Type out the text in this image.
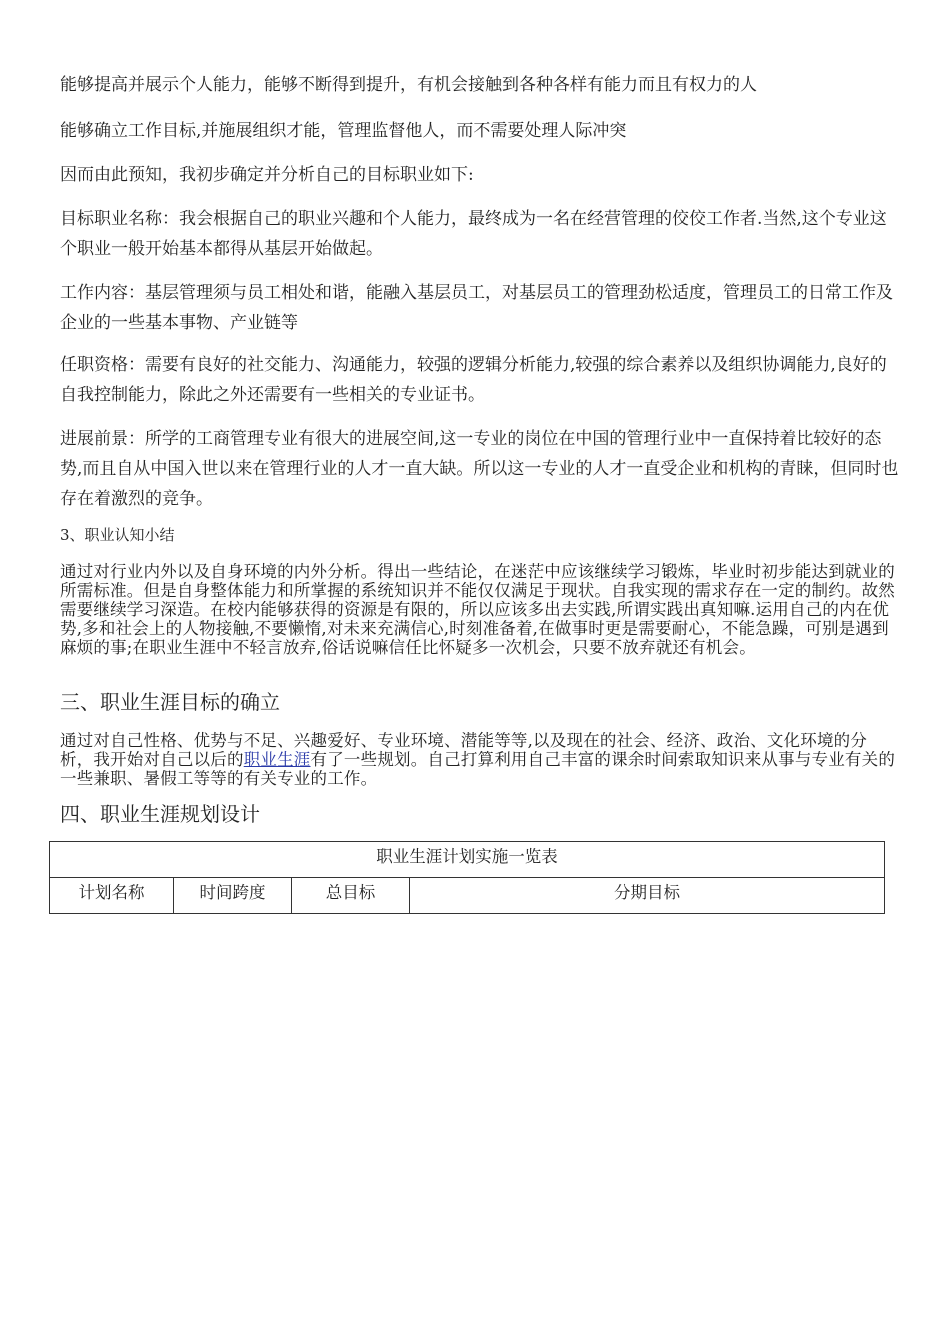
能够提高并展示个人能力，能够不断得到提升，有机会接触到各种各样有能力而且有权力的人

能够确立工作目标,并施展组织才能，管理监督他人，而不需要处理人际冲突

因而由此预知，我初步确定并分析自己的目标职业如下:

目标职业名称：我会根据自己的职业兴趣和个人能力，最终成为一名在经营管理的佼佼工作者.当然,这个专业这个职业一般开始基本都得从基层开始做起。

工作内容：基层管理须与员工相处和谐，能融入基层员工，对基层员工的管理劲松适度，管理员工的日常工作及企业的一些基本事物、产业链等

任职资格：需要有良好的社交能力、沟通能力，较强的逻辑分析能力,较强的综合素养以及组织协调能力,良好的自我控制能力，除此之外还需要有一些相关的专业证书。

进展前景：所学的工商管理专业有很大的进展空间,这一专业的岗位在中国的管理行业中一直保持着比较好的态势,而且自从中国入世以来在管理行业的人才一直大缺。所以这一专业的人才一直受企业和机构的青睐，但同时也存在着激烈的竞争。

3、职业认知小结

通过对行业内外以及自身环境的内外分析。得出一些结论，在迷茫中应该继续学习锻炼，毕业时初步能达到就业的所需标准。但是自身整体能力和所掌握的系统知识并不能仅仅满足于现状。自我实现的需求存在一定的制约。故然需要继续学习深造。在校内能够获得的资源是有限的，所以应该多出去实践,所谓实践出真知嘛.运用自己的内在优势,多和社会上的人物接触,不要懒惰,对未来充满信心,时刻准备着,在做事时更是需要耐心，不能急躁，可别是遇到麻烦的事;在职业生涯中不轻言放弃,俗话说嘛信任比怀疑多一次机会，只要不放弃就还有机会。

三、职业生涯目标的确立

通过对自己性格、优势与不足、兴趣爱好、专业环境、潜能等等,以及现在的社会、经济、政治、文化环境的分析，我开始对自己以后的职业生涯有了一些规划。自己打算利用自己丰富的课余时间索取知识来从事与专业有关的一些兼职、暑假工等等的有关专业的工作。

四、职业生涯规划设计

职业生涯计划实施一览表
计划名称	时间跨度	总目标	分期目标
